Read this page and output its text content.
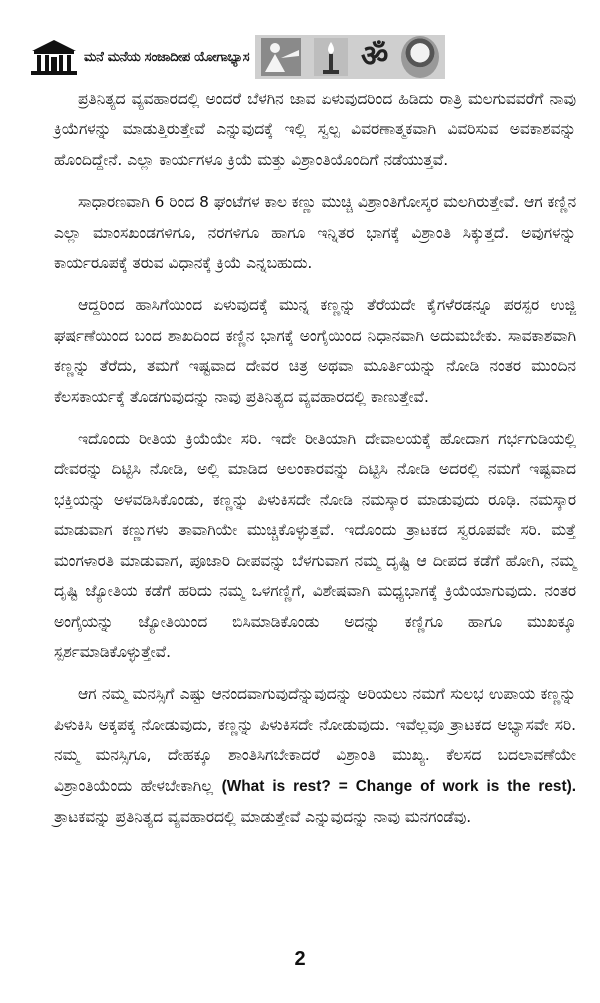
ಮನೆ ಮನೆಯ ಸಂಜಾದೀಪ ಯೋಗಾಭ್ಯಾಸ	ॐ

ಪ್ರತಿನಿತ್ಯದ ವ್ಯವಹಾರದಲ್ಲಿ ಅಂದರೆ ಬೆಳಗಿನ ಜಾವ ಏಳುವುದರಿಂದ ಹಿಡಿದು ರಾತ್ರಿ ಮಲಗುವವರೆಗೆ ನಾವು ಕ್ರಿಯೆಗಳನ್ನು ಮಾಡುತ್ತಿರುತ್ತೇವೆ ಎನ್ನುವುದಕ್ಕೆ ಇಲ್ಲಿ ಸ್ವಲ್ಪ ವಿವರಣಾತ್ಮಕವಾಗಿ ವಿವರಿಸುವ ಅವಕಾಶವನ್ನು ಹೊಂದಿದ್ದೇನೆ. ಎಲ್ಲಾ ಕಾರ್ಯಗಳೂ ಕ್ರಿಯೆ ಮತ್ತು ವಿಶ್ರಾಂತಿಯೊಂದಿಗೆ ನಡೆಯುತ್ತವೆ.

ಸಾಧಾರಣವಾಗಿ 6 ರಿಂದ 8 ಘಂಟೆಗಳ ಕಾಲ ಕಣ್ಣು ಮುಚ್ಚಿ ವಿಶ್ರಾಂತಿಗೋಸ್ಕರ ಮಲಗಿರುತ್ತೇವೆ. ಆಗ ಕಣ್ಣಿನ ಎಲ್ಲಾ ಮಾಂಸಖಂಡಗಳಿಗೂ, ನರಗಳಿಗೂ ಹಾಗೂ ಇನ್ನಿತರ ಭಾಗಕ್ಕೆ ವಿಶ್ರಾಂತಿ ಸಿಕ್ಕುತ್ತದೆ. ಅವುಗಳನ್ನು ಕಾರ್ಯರೂಪಕ್ಕೆ ತರುವ ವಿಧಾನಕ್ಕೆ ಕ್ರಿಯೆ ಎನ್ನಬಹುದು.

ಆದ್ದರಿಂದ ಹಾಸಿಗೆಯಿಂದ ಏಳುವುದಕ್ಕೆ ಮುನ್ನ ಕಣ್ಣನ್ನು ತೆರೆಯದೇ ಕೈಗಳೆರಡನ್ನೂ ಪರಸ್ಪರ ಉಜ್ಜಿ ಘರ್ಷಣೆಯಿಂದ ಬಂದ ಶಾಖದಿಂದ ಕಣ್ಣಿನ ಭಾಗಕ್ಕೆ ಅಂಗೈಯಿಂದ ನಿಧಾನವಾಗಿ ಅದುಮಬೇಕು. ಸಾವಕಾಶವಾಗಿ ಕಣ್ಣನ್ನು ತೆರೆದು, ತಮಗೆ ಇಷ್ಟವಾದ ದೇವರ ಚಿತ್ರ ಅಥವಾ ಮೂರ್ತಿಯನ್ನು ನೋಡಿ ನಂತರ ಮುಂದಿನ ಕೆಲಸಕಾರ್ಯಕ್ಕೆ ತೊಡಗುವುದನ್ನು ನಾವು ಪ್ರತಿನಿತ್ಯದ ವ್ಯವಹಾರದಲ್ಲಿ ಕಾಣುತ್ತೇವೆ.

ಇದೊಂದು ರೀತಿಯ ಕ್ರಿಯೆಯೇ ಸರಿ. ಇದೇ ರೀತಿಯಾಗಿ ದೇವಾಲಯಕ್ಕೆ ಹೋದಾಗ ಗರ್ಭಗುಡಿಯಲ್ಲಿ ದೇವರನ್ನು ದಿಟ್ಟಿಸಿ ನೋಡಿ, ಅಲ್ಲಿ ಮಾಡಿದ ಅಲಂಕಾರವನ್ನು ದಿಟ್ಟಿಸಿ ನೋಡಿ ಅದರಲ್ಲಿ ನಮಗೆ ಇಷ್ಟವಾದ ಭಕ್ತಿಯನ್ನು ಅಳವಡಿಸಿಕೊಂಡು, ಕಣ್ಣನ್ನು ಪಿಳುಕಿಸದೇ ನೋಡಿ ನಮಸ್ಕಾರ ಮಾಡುವುದು ರೂಢಿ. ನಮಸ್ಕಾರ ಮಾಡುವಾಗ ಕಣ್ಣುಗಳು ತಾವಾಗಿಯೇ ಮುಚ್ಚಿಕೊಳ್ಳುತ್ತವೆ. ಇದೊಂದು ತ್ರಾಟಕದ ಸ್ವರೂಪವೇ ಸರಿ. ಮತ್ತೆ ಮಂಗಳಾರತಿ ಮಾಡುವಾಗ, ಪೂಜಾರಿ ದೀಪವನ್ನು ಬೆಳಗುವಾಗ ನಮ್ಮ ದೃಷ್ಟಿ ಆ ದೀಪದ ಕಡೆಗೆ ಹೋಗಿ, ನಮ್ಮ ದೃಷ್ಟಿ ಜ್ಯೋತಿಯ ಕಡೆಗೆ ಹರಿದು ನಮ್ಮ ಒಳಗಣ್ಣಿಗೆ, ವಿಶೇಷವಾಗಿ ಮಧ್ಯಭಾಗಕ್ಕೆ ಕ್ರಿಯೆಯಾಗುವುದು. ನಂತರ ಅಂಗೈಯನ್ನು ಜ್ಯೋತಿಯಿಂದ ಬಿಸಿಮಾಡಿಕೊಂಡು ಅದನ್ನು ಕಣ್ಣಿಗೂ ಹಾಗೂ ಮುಖಕ್ಕೂ ಸ್ಪರ್ಶಮಾಡಿಕೊಳ್ಳುತ್ತೇವೆ.

ಆಗ ನಮ್ಮ ಮನಸ್ಸಿಗೆ ಎಷ್ಟು ಆನಂದವಾಗುವುದೆನ್ನುವುದನ್ನು ಅರಿಯಲು ನಮಗೆ ಸುಲಭ ಉಪಾಯ ಕಣ್ಣನ್ನು ಪಿಳುಕಿಸಿ ಅಕ್ಕಪಕ್ಕ ನೋಡುವುದು, ಕಣ್ಣನ್ನು ಪಿಳುಕಿಸದೇ ನೋಡುವುದು. ಇವೆಲ್ಲವೂ ತ್ರಾಟಕದ ಅಭ್ಯಾಸವೇ ಸರಿ. ನಮ್ಮ ಮನಸ್ಸಿಗೂ, ದೇಹಕ್ಕೂ ಶಾಂತಿಸಿಗಬೇಕಾದರೆ ವಿಶ್ರಾಂತಿ ಮುಖ್ಯ. ಕೆಲಸದ ಬದಲಾವಣೆಯೇ ವಿಶ್ರಾಂತಿಯೆಂದು ಹೇಳಬೇಕಾಗಿಲ್ಲ (What is rest? = Change of work is the rest). ತ್ರಾಟಕವನ್ನು ಪ್ರತಿನಿತ್ಯದ ವ್ಯವಹಾರದಲ್ಲಿ ಮಾಡುತ್ತೇವೆ ಎನ್ನುವುದನ್ನು ನಾವು ಮನಗಂಡೆವು.

2
